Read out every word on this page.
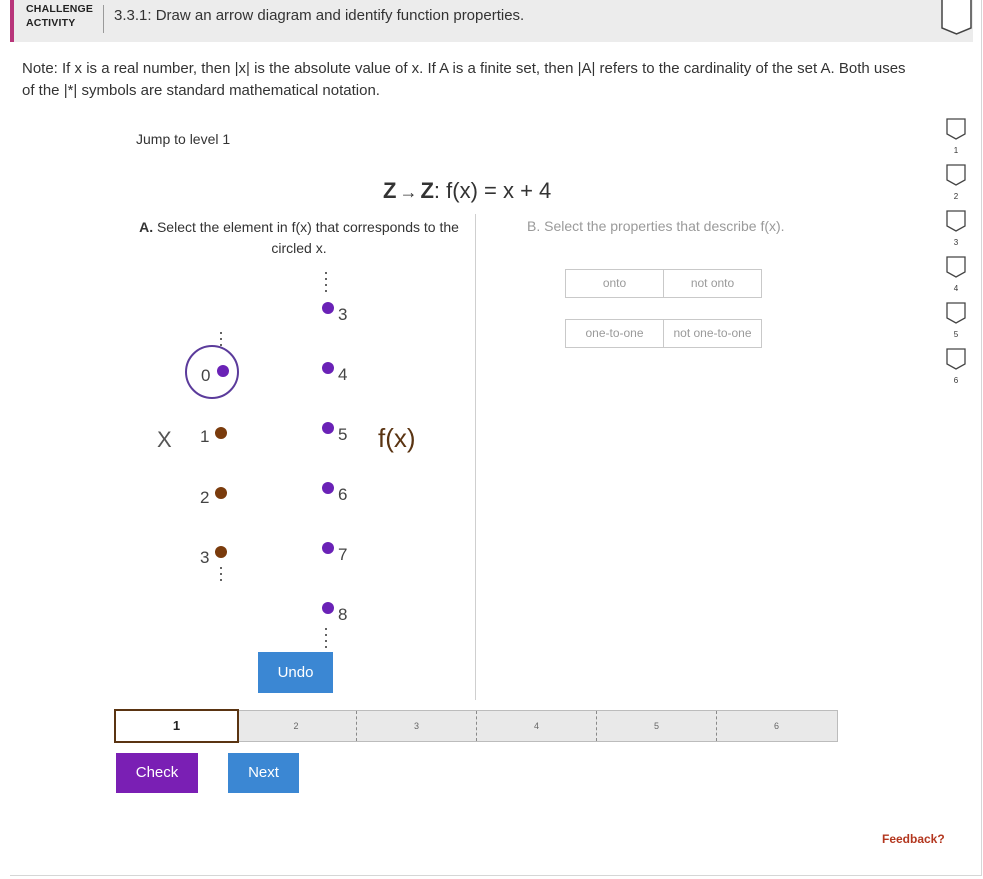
CHALLENGE
ACTIVITY	3.3.1: Draw an arrow diagram and identify function properties.
Note: If x is a real number, then |x| is the absolute value of x. If A is a finite set, then |A| refers to the cardinality of the set A. Both uses of the |*| symbols are standard mathematical notation.
Jump to level 1
1
2
3
4
5
6
Z → Z: f(x) = x + 4
A. Select the element in f(x) that corresponds to the circled x.
B. Select the properties that describe f(x).
onto	not onto
one-to-one	not one-to-one
0
1
2
3
X
3
4
5
6
7
8
f(x)
Undo
1	2	3	4	5	6
Check	Next
Feedback?
